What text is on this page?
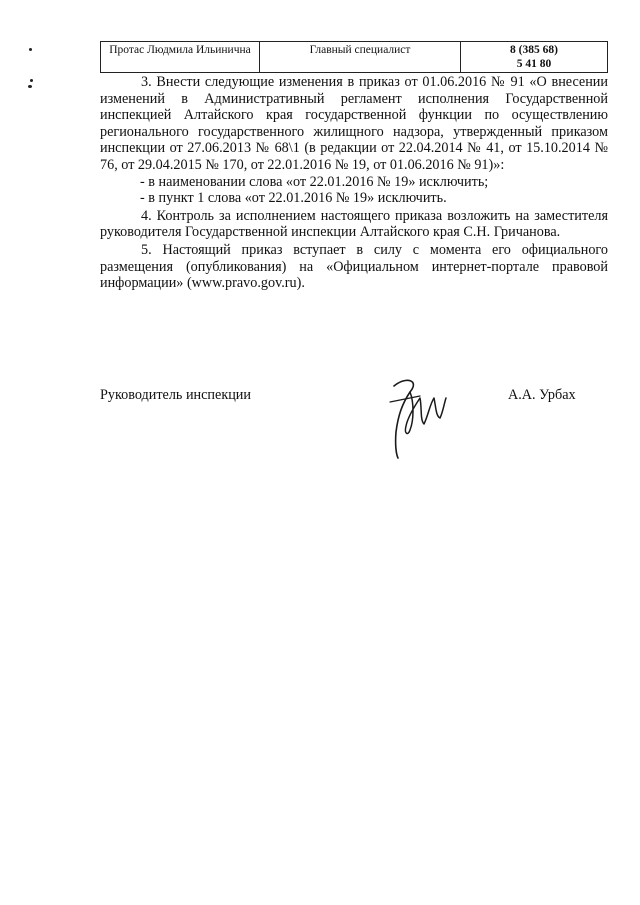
Протас Людмила Ильинична	Главный специалист	8 (385 68)
5 41 80

3. Внести следующие изменения в приказ от 01.06.2016 № 91 «О внесении изменений в Административный регламент исполнения Государственной инспекцией Алтайского края государственной функции по осуществлению регионального государственного жилищного надзора, утвержденный приказом инспекции от 27.06.2013 № 68\1 (в редакции от 22.04.2014 № 41, от 15.10.2014 № 76, от 29.04.2015 № 170, от 22.01.2016 № 19, от 01.06.2016 № 91)»:

- в наименовании слова «от 22.01.2016 № 19» исключить;

- в пункт 1 слова «от 22.01.2016 № 19» исключить.

4. Контроль за исполнением настоящего приказа возложить на заместителя руководителя Государственной инспекции Алтайского края С.Н. Гричанова.

5. Настоящий приказ вступает в силу с момента его официального размещения (опубликования) на «Официальном интернет-портале правовой информации» (www.pravo.gov.ru).

Руководитель инспекции	А.А. Урбах
